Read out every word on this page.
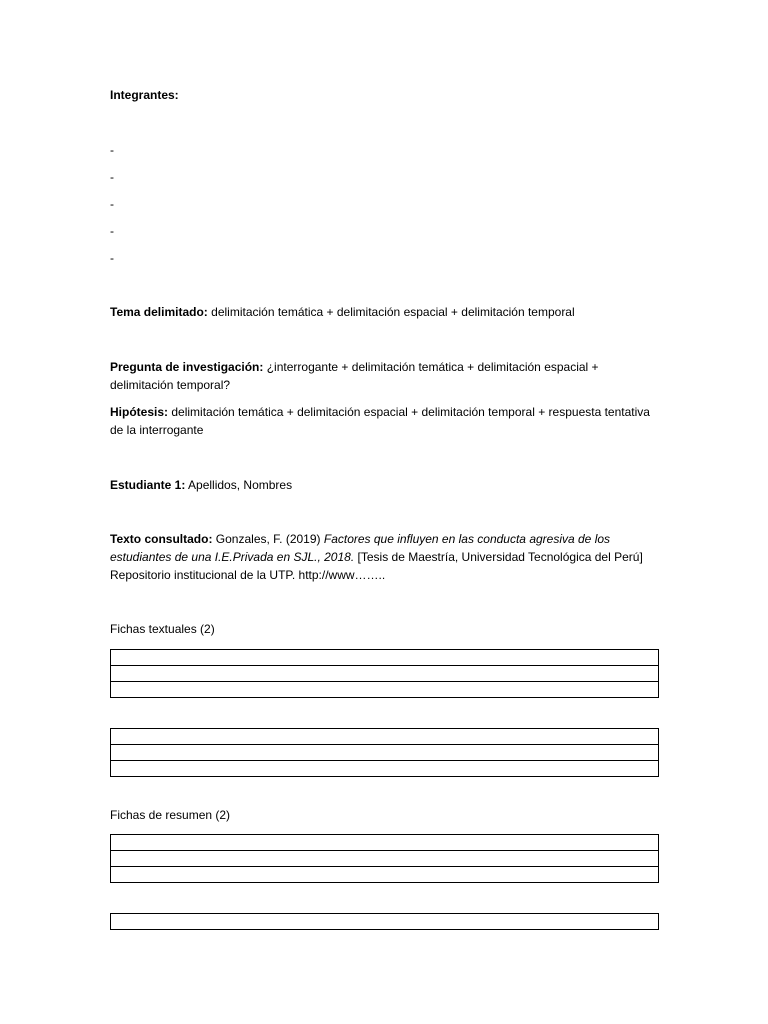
Integrantes:

-
-
-
-
-

Tema delimitado: delimitación temática + delimitación espacial + delimitación temporal

Pregunta de investigación: ¿interrogante + delimitación temática + delimitación espacial + delimitación temporal?

Hipótesis: delimitación temática + delimitación espacial + delimitación temporal + respuesta tentativa de la interrogante

Estudiante 1: Apellidos, Nombres

Texto consultado: Gonzales, F. (2019) Factores que influyen en las conducta agresiva de los estudiantes de una I.E.Privada en SJL., 2018. [Tesis de Maestría, Universidad Tecnológica del Perú] Repositorio institucional de la UTP. http://www……..

Fichas textuales (2)

Fichas de resumen (2)
